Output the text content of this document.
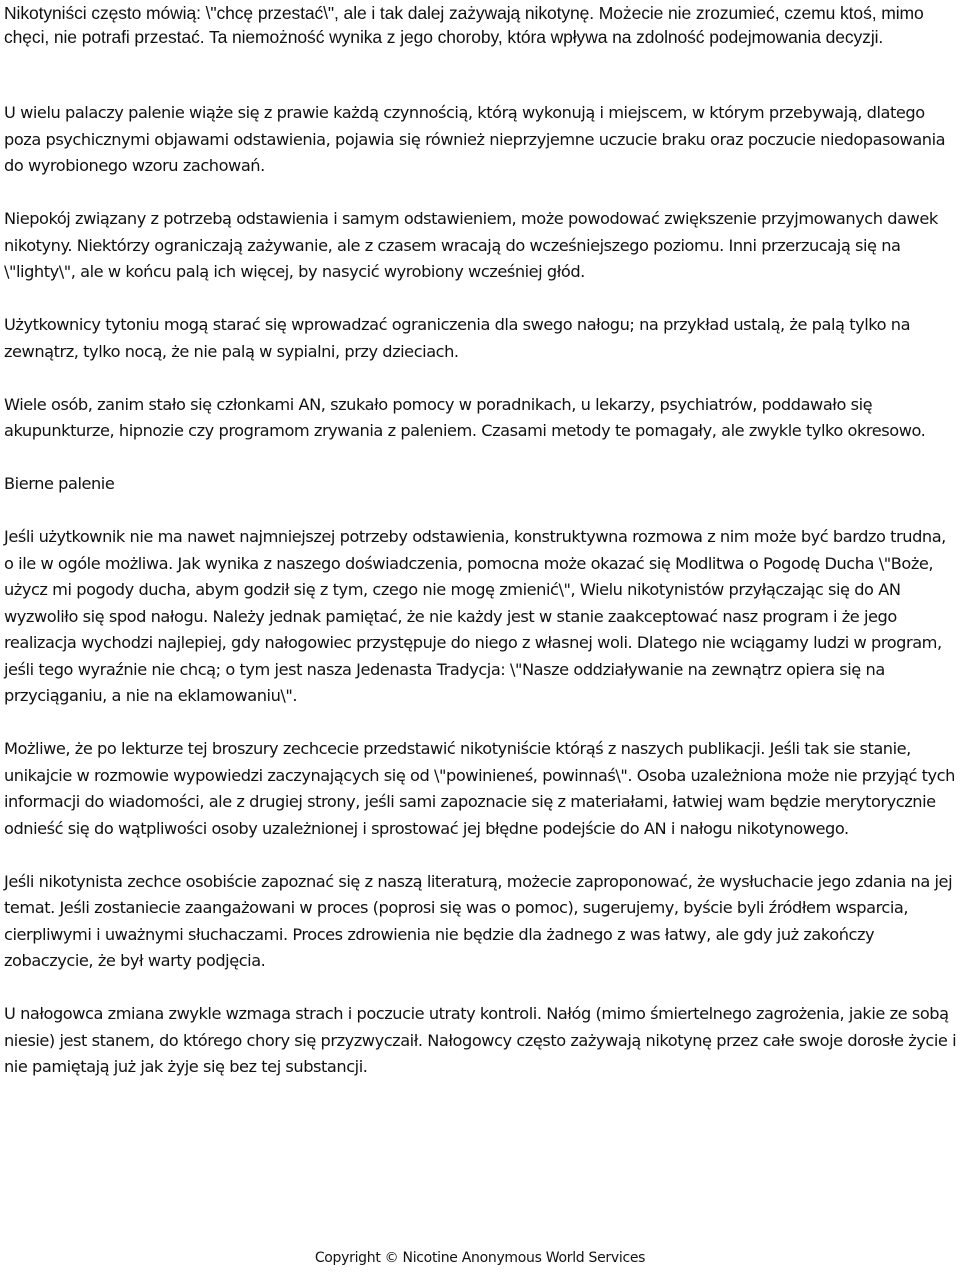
Nikotyniści często mówią: \"chcę przestać\", ale i tak dalej zażywają nikotynę. Możecie nie zrozumieć, czemu ktoś, mimo chęci, nie potrafi przestać. Ta niemożność wynika z jego choroby, która wpływa na zdolność podejmowania decyzji.

U wielu palaczy palenie wiąże się z prawie każdą czynnością, którą wykonują i miejscem, w którym przebywają, dlatego poza psychicznymi objawami odstawienia, pojawia się również nieprzyjemne uczucie braku oraz poczucie niedopasowania do wyrobionego wzoru zachowań.

Niepokój związany z potrzebą odstawienia i samym odstawieniem, może powodować zwiększenie przyjmowanych dawek nikotyny. Niektórzy ograniczają zażywanie, ale z czasem wracają do wcześniejszego poziomu. Inni przerzucają się na \"lighty\", ale w końcu palą ich więcej, by nasycić wyrobiony wcześniej głód.

Użytkownicy tytoniu mogą starać się wprowadzać ograniczenia dla swego nałogu; na przykład ustalą, że palą tylko na zewnątrz, tylko nocą, że nie palą w sypialni, przy dzieciach.

Wiele osób, zanim stało się członkami AN, szukało pomocy w poradnikach, u lekarzy, psychiatrów, poddawało się akupunkturze, hipnozie czy programom zrywania z paleniem. Czasami metody te pomagały, ale zwykle tylko okresowo.

Bierne palenie

Jeśli użytkownik nie ma nawet najmniejszej potrzeby odstawienia, konstruktywna rozmowa z nim może być bardzo trudna, o ile w ogóle możliwa. Jak wynika z naszego doświadczenia, pomocna może okazać się Modlitwa o Pogodę Ducha \"Boże, użycz mi pogody ducha, abym godził się z tym, czego nie mogę zmienić\", Wielu nikotynistów przyłączając się do AN wyzwoliło się spod nałogu. Należy jednak pamiętać, że nie każdy jest w stanie zaakceptować nasz program i że jego realizacja wychodzi najlepiej, gdy nałogowiec przystępuje do niego z własnej woli. Dlatego nie wciągamy ludzi w program, jeśli tego wyraźnie nie chcą; o tym jest nasza Jedenasta Tradycja: \"Nasze oddziaływanie na zewnątrz opiera się na przyciąganiu, a nie na eklamowaniu\".

Możliwe, że po lekturze tej broszury zechcecie przedstawić nikotyniście którąś z naszych publikacji. Jeśli tak sie stanie, unikajcie w rozmowie wypowiedzi zaczynających się od \"powinieneś, powinnaś\". Osoba uzależniona może nie przyjąć tych informacji do wiadomości, ale z drugiej strony, jeśli sami zapoznacie się z materiałami, łatwiej wam będzie merytorycznie odnieść się do wątpliwości osoby uzależnionej i sprostować jej błędne podejście do AN i nałogu nikotynowego.

Jeśli nikotynista zechce osobiście zapoznać się z naszą literaturą, możecie zaproponować, że wysłuchacie jego zdania na jej temat. Jeśli zostaniecie zaangażowani w proces (poprosi się was o pomoc), sugerujemy, byście byli źródłem wsparcia, cierpliwymi i uważnymi słuchaczami. Proces zdrowienia nie będzie dla żadnego z was łatwy, ale gdy już zakończy zobaczycie, że był warty podjęcia.

U nałogowca zmiana zwykle wzmaga strach i poczucie utraty kontroli. Nałóg (mimo śmiertelnego zagrożenia, jakie ze sobą niesie) jest stanem, do którego chory się przyzwyczaił. Nałogowcy często zażywają nikotynę przez całe swoje dorosłe życie i nie pamiętają już jak żyje się bez tej substancji.

Copyright © Nicotine Anonymous World Services
